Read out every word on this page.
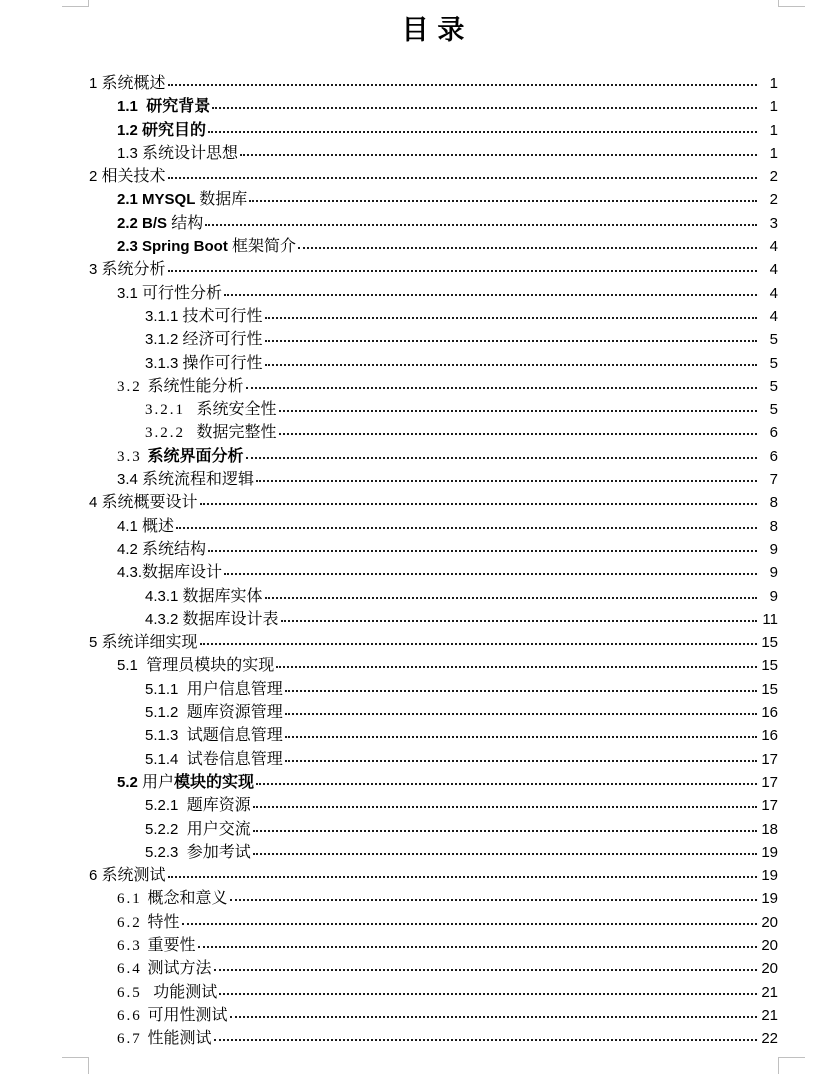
目 录
1 系统概述	1
1.1  研究背景	1
1.2 研究目的	1
1.3 系统设计思想	1
2 相关技术	2
2.1 MYSQL 数据库	2
2.2 B/S 结构	3
2.3 Spring Boot 框架简介	4
3 系统分析	4
3.1 可行性分析	4
3.1.1 技术可行性	4
3.1.2 经济可行性	5
3.1.3 操作可行性	5
3.2 系统性能分析	5
3.2.1  系统安全性	5
3.2.2  数据完整性	6
3.3 系统界面分析	6
3.4 系统流程和逻辑	7
4 系统概要设计	8
4.1 概述	8
4.2 系统结构	9
4.3.数据库设计	9
4.3.1 数据库实体	9
4.3.2 数据库设计表	11
5 系统详细实现	15
5.1  管理员模块的实现	15
5.1.1  用户信息管理	15
5.1.2  题库资源管理	16
5.1.3  试题信息管理	16
5.1.4  试卷信息管理	17
5.2 用户模块的实现	17
5.2.1  题库资源	17
5.2.2  用户交流	18
5.2.3  参加考试	19
6 系统测试	19
6.1 概念和意义	19
6.2 特性	20
6.3 重要性	20
6.4 测试方法	20
6.5  功能测试	21
6.6 可用性测试	21
6.7 性能测试	22
